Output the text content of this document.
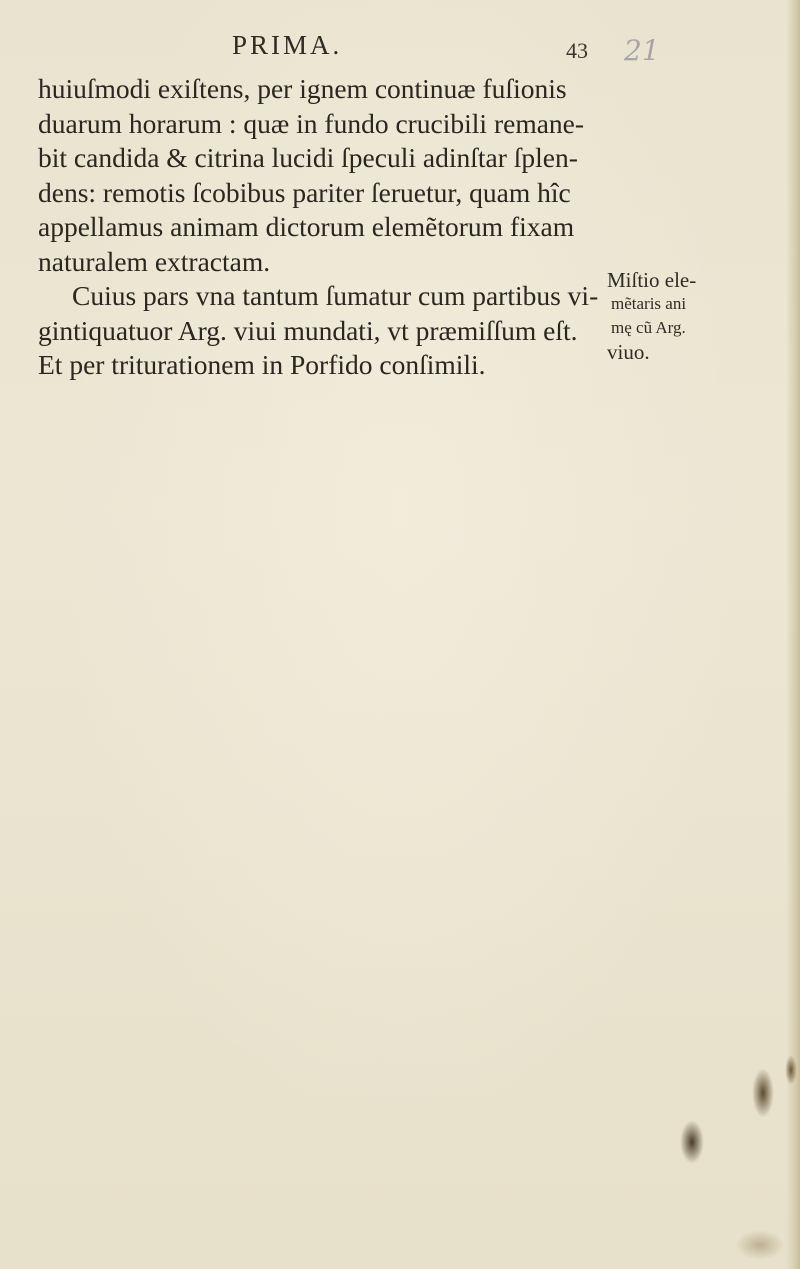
PRIMA.	43 21
huiuſmodi exiſtens, per ignem continuæ fuſionis
duarum horarum : quæ in fundo crucibili remane-
bit candida & citrina lucidi ſpeculi adinſtar ſplen-
dens: remotis ſcobibus pariter ſeruetur, quam hîc
appellamus animam dictorum elemẽtorum fixam
naturalem extractam.
Cuius pars vna tantum ſumatur cum partibus vi-
gintiquatuor Arg. viui mundati, vt præmiſſum eſt.
Et per triturationem in Porfido conſimili.
Miſtio ele-
mẽtaris ani
mę cũ Arg.
viuo.
